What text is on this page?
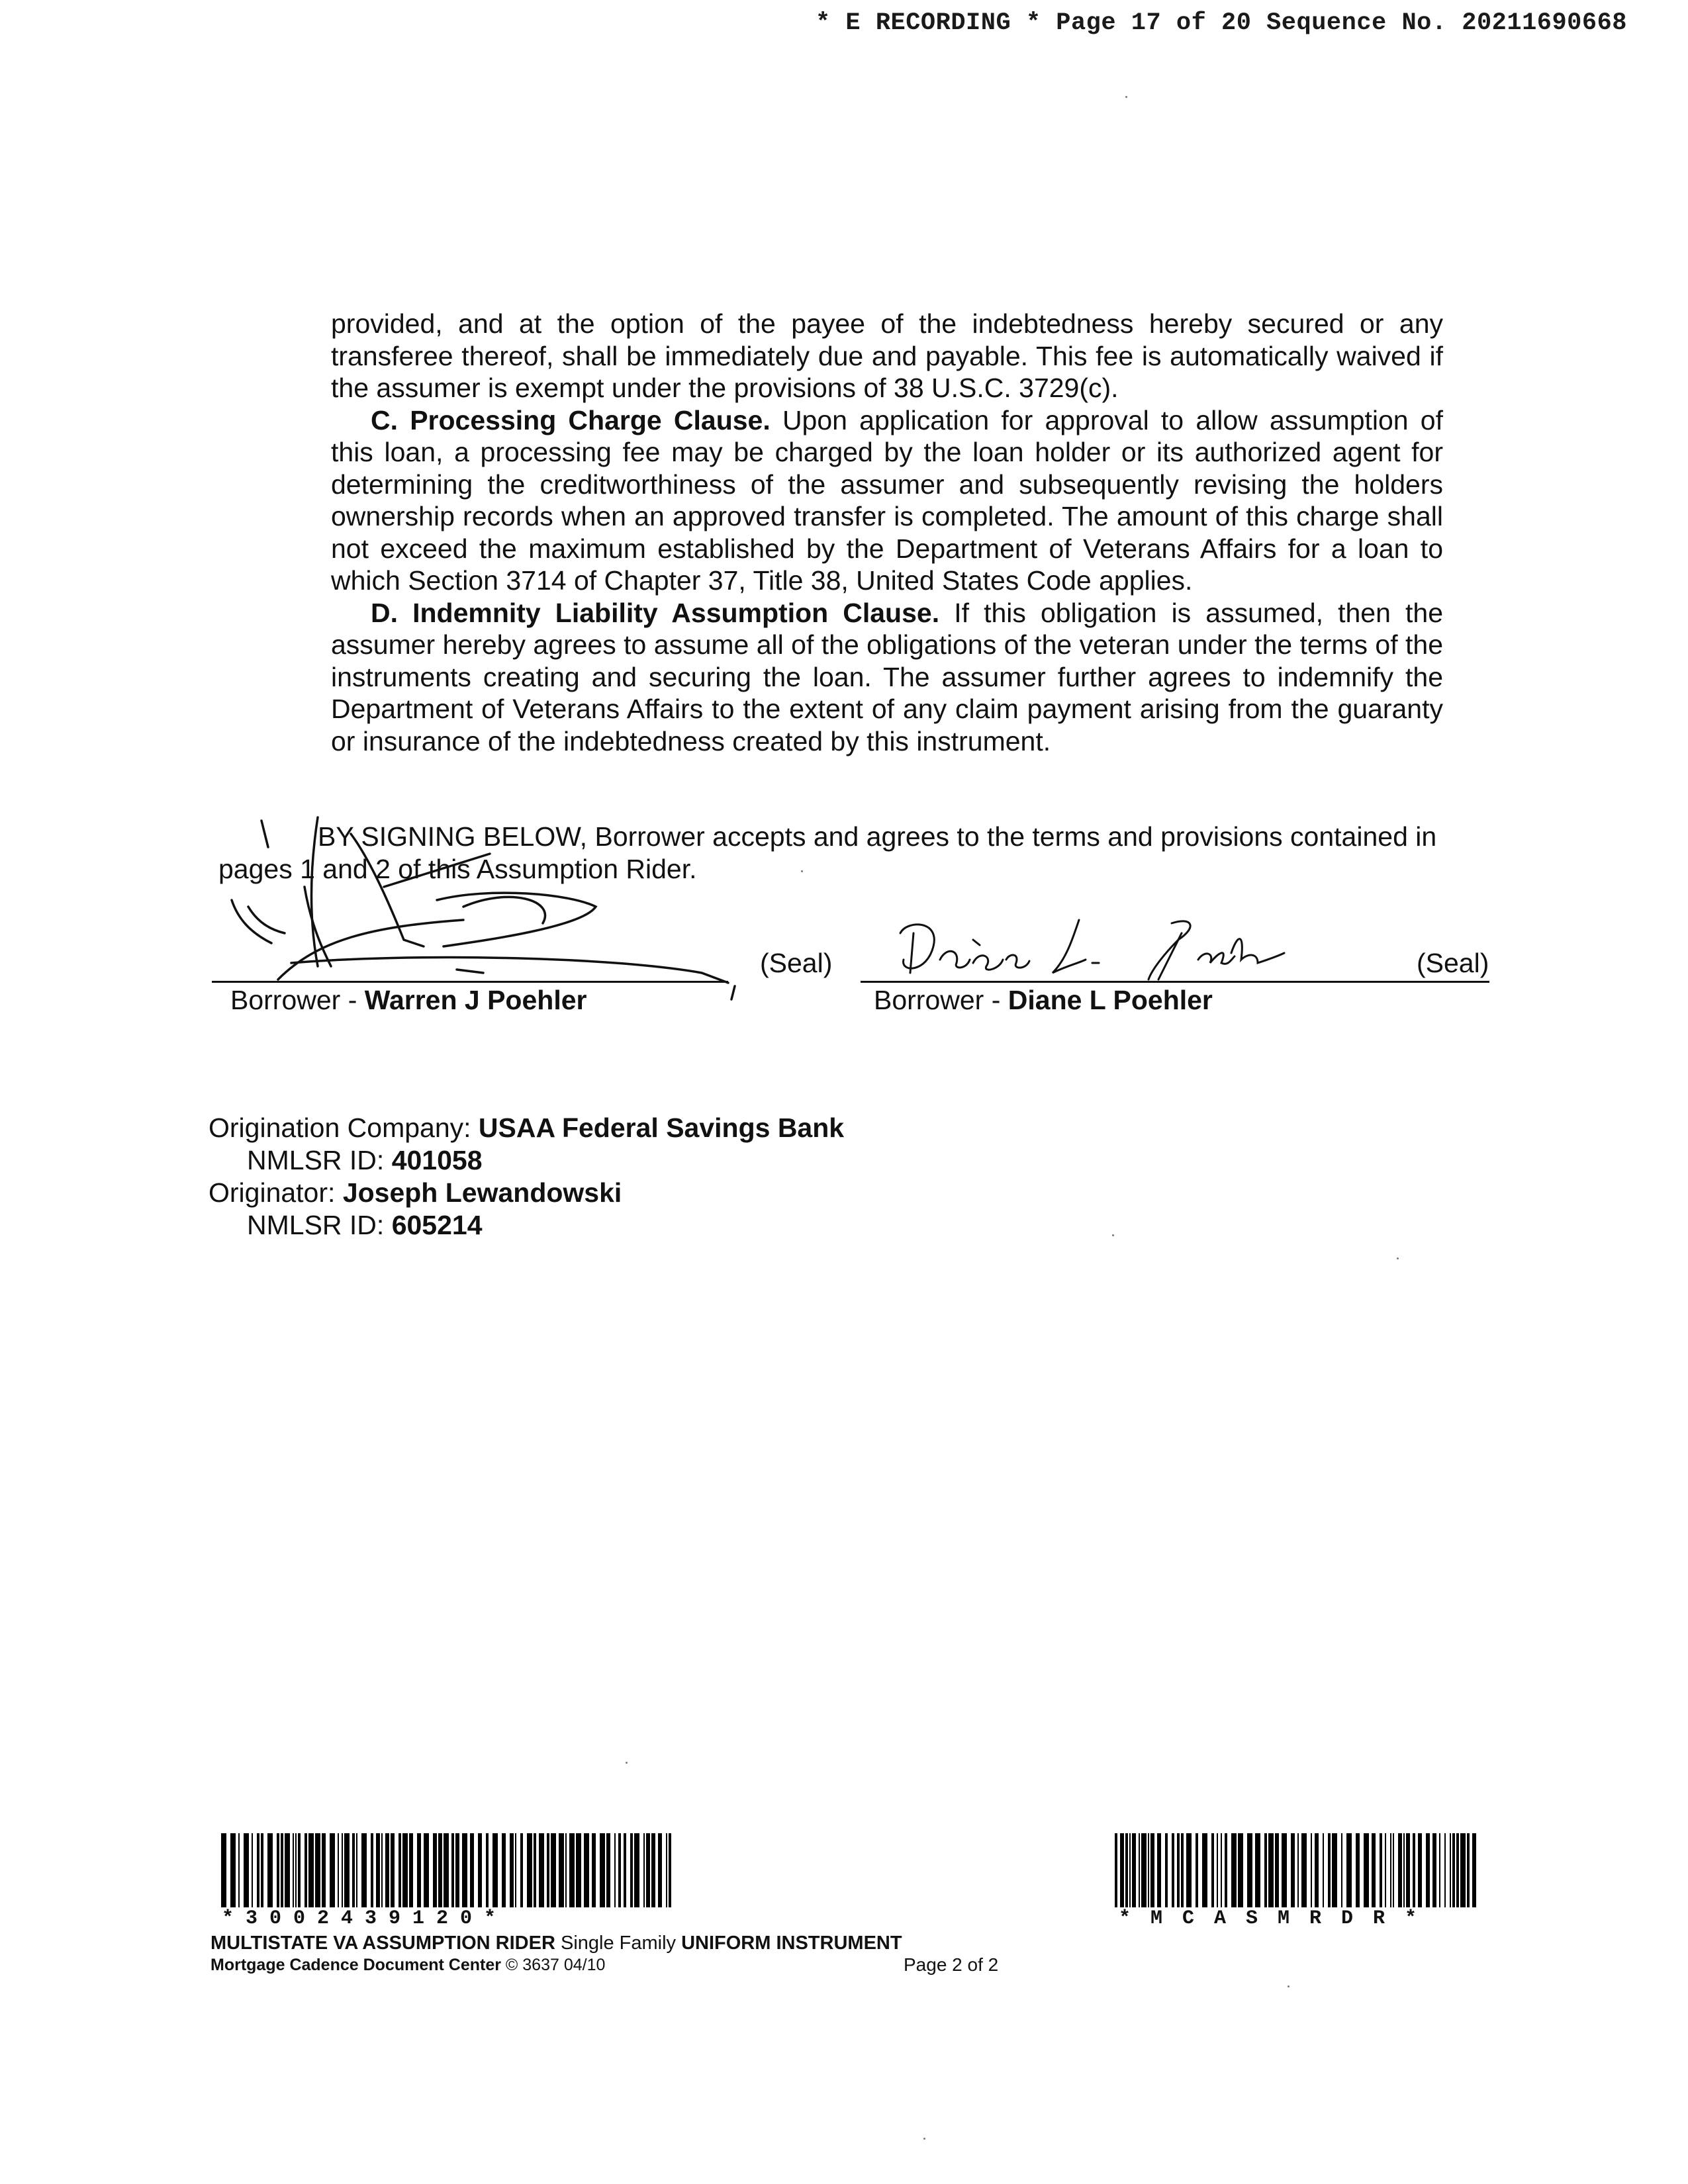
* E RECORDING * Page 17 of 20 Sequence No. 20211690668

provided, and at the option of the payee of the indebtedness hereby secured or any transferee thereof, shall be immediately due and payable. This fee is automatically waived if the assumer is exempt under the provisions of 38 U.S.C. 3729(c).

C. Processing Charge Clause. Upon application for approval to allow assumption of this loan, a processing fee may be charged by the loan holder or its authorized agent for determining the creditworthiness of the assumer and subsequently revising the holders ownership records when an approved transfer is completed. The amount of this charge shall not exceed the maximum established by the Department of Veterans Affairs for a loan to which Section 3714 of Chapter 37, Title 38, United States Code applies.

D. Indemnity Liability Assumption Clause. If this obligation is assumed, then the assumer hereby agrees to assume all of the obligations of the veteran under the terms of the instruments creating and securing the loan. The assumer further agrees to indemnify the Department of Veterans Affairs to the extent of any claim payment arising from the guaranty or insurance of the indebtedness created by this instrument.

BY SIGNING BELOW, Borrower accepts and agrees to the terms and provisions contained in
pages 1 and 2 of this Assumption Rider.
(Seal)
Borrower - Warren J Poehler
(Seal)
Borrower - Diane L Poehler
Origination Company: USAA Federal Savings Bank
NMLSR ID: 401058
Originator: Joseph Lewandowski
NMLSR ID: 605214
*3002439120*	*MCASMRDR*
MULTISTATE VA ASSUMPTION RIDER Single Family UNIFORM INSTRUMENT
Mortgage Cadence Document Center © 3637 04/10	Page 2 of 2
